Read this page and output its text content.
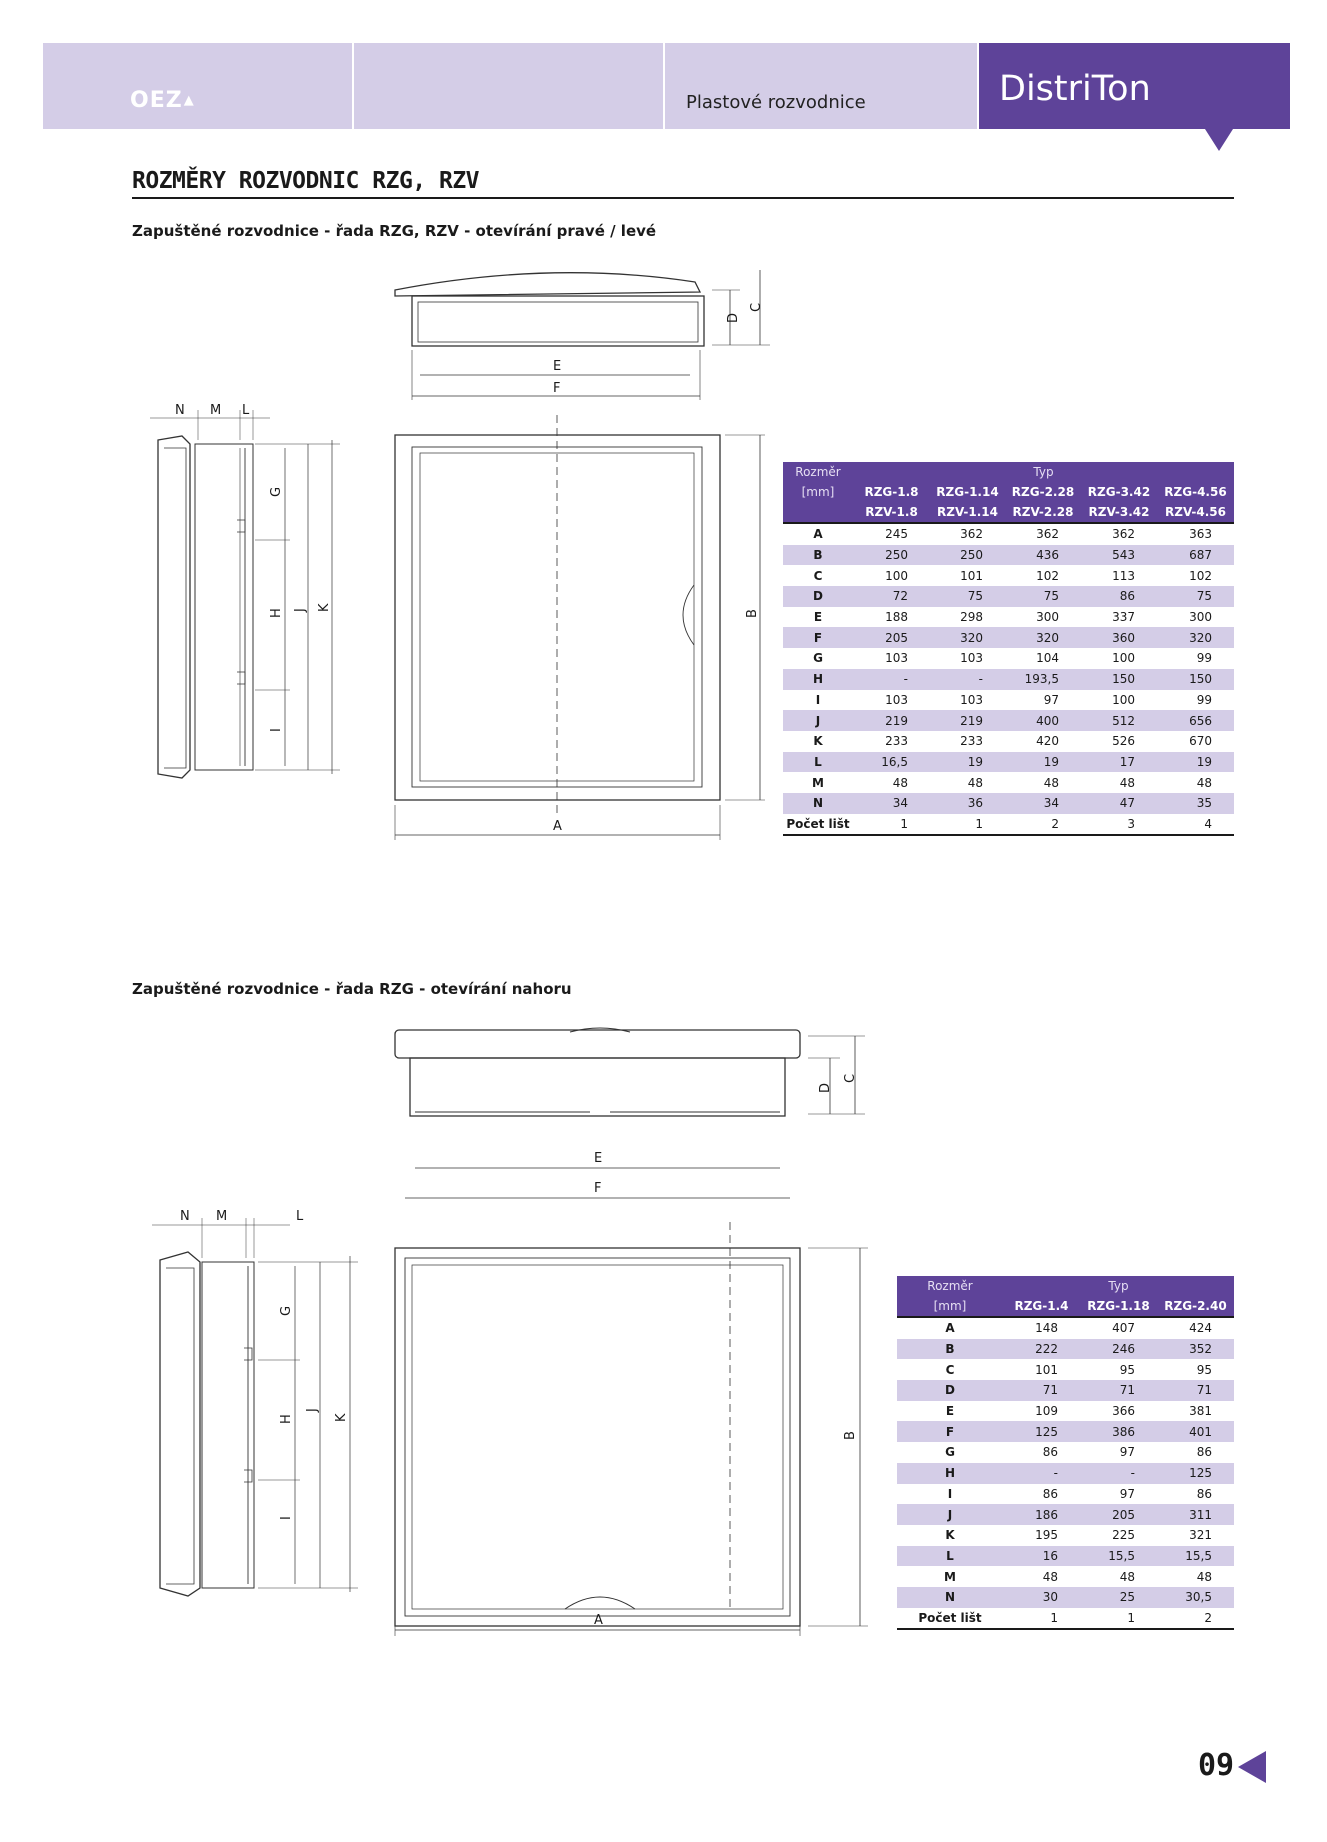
OEZ▲	Plastové rozvodnice	DistriTon
ROZMĚRY ROZVODNIC RZG, RZV
Zapuštěné rozvodnice - řada RZG, RZV - otevírání pravé / levé
E
F
D
C
A
B
N M L
G
H
I
J K
Rozměr	Typ				
[mm]	RZG-1.8	RZG-1.14	RZG-2.28	RZG-3.42	RZG-4.56
	RZV-1.8	RZV-1.14	RZV-2.28	RZV-3.42	RZV-4.56
A	245	362	362	362	363
B	250	250	436	543	687
C	100	101	102	113	102
D	72	75	75	86	75
E	188	298	300	337	300
F	205	320	320	360	320
G	103	103	104	100	99
H	-	-	193,5	150	150
I	103	103	97	100	99
J	219	219	400	512	656
K	233	233	420	526	670
L	16,5	19	19	17	19
M	48	48	48	48	48
N	34	36	34	47	35
Počet lišt	1	1	2	3	4
Zapuštěné rozvodnice - řada RZG - otevírání nahoru
E
F
D
C
A
B
N M	L
G
H
I
J
K
Rozměr	Typ		
[mm]	RZG-1.4	RZG-1.18	RZG-2.40
A	148	407	424
B	222	246	352
C	101	95	95
D	71	71	71
E	109	366	381
F	125	386	401
G	86	97	86
H	-	-	125
I	86	97	86
J	186	205	311
K	195	225	321
L	16	15,5	15,5
M	48	48	48
N	30	25	30,5
Počet lišt	1	1	2
09
